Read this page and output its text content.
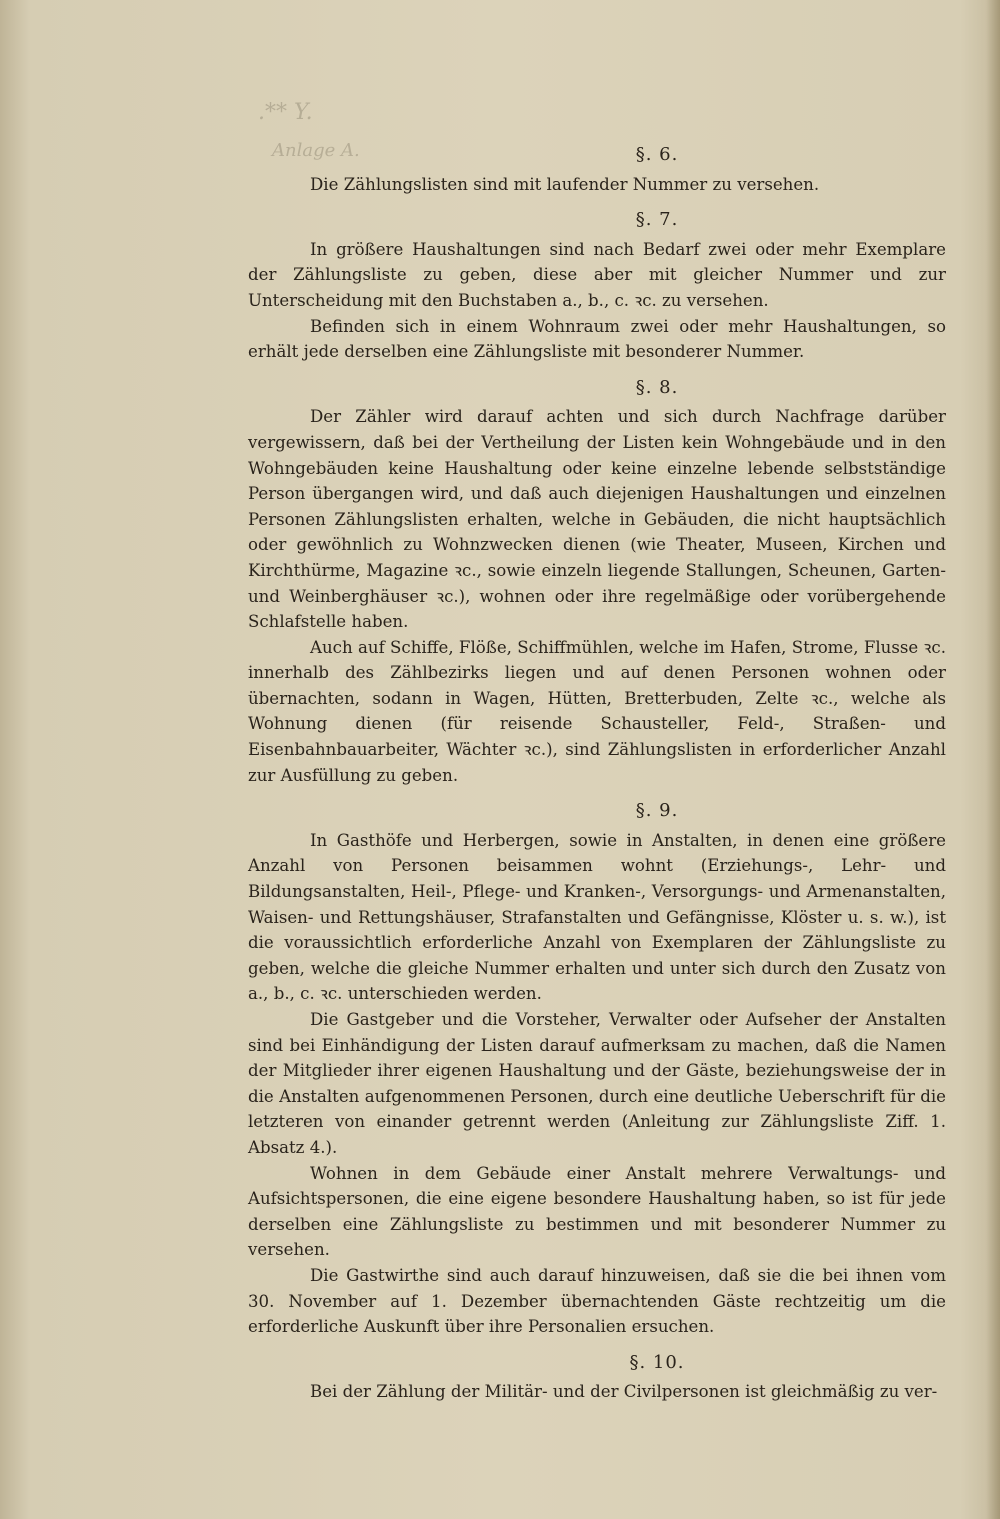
.** Y.
Anlage A.	§. 6.

Die Zählungslisten sind mit laufender Nummer zu versehen.

§. 7.

In größere Haushaltungen sind nach Bedarf zwei oder mehr Exemplare der Zählungsliste zu geben, diese aber mit gleicher Nummer und zur Unterscheidung mit den Buchstaben a., b., c. ꝛc. zu versehen.

Befinden sich in einem Wohnraum zwei oder mehr Haushaltungen, so erhält jede derselben eine Zählungsliste mit besonderer Nummer.

§. 8.

Der Zähler wird darauf achten und sich durch Nachfrage darüber vergewissern, daß bei der Vertheilung der Listen kein Wohngebäude und in den Wohngebäuden keine Haushaltung oder keine einzelne lebende selbstständige Person übergangen wird, und daß auch diejenigen Haushaltungen und einzelnen Personen Zählungslisten erhalten, welche in Gebäuden, die nicht hauptsächlich oder gewöhnlich zu Wohnzwecken dienen (wie Theater, Museen, Kirchen und Kirchthürme, Magazine ꝛc., sowie einzeln liegende Stallungen, Scheunen, Garten- und Weinberghäuser ꝛc.), wohnen oder ihre regelmäßige oder vorübergehende Schlafstelle haben.

Auch auf Schiffe, Flöße, Schiffmühlen, welche im Hafen, Strome, Flusse ꝛc. innerhalb des Zählbezirks liegen und auf denen Personen wohnen oder übernachten, sodann in Wagen, Hütten, Bretterbuden, Zelte ꝛc., welche als Wohnung dienen (für reisende Schausteller, Feld-, Straßen- und Eisenbahnbauarbeiter, Wächter ꝛc.), sind Zählungslisten in erforderlicher Anzahl zur Ausfüllung zu geben.

§. 9.

In Gasthöfe und Herbergen, sowie in Anstalten, in denen eine größere Anzahl von Personen beisammen wohnt (Erziehungs-, Lehr- und Bildungsanstalten, Heil-, Pflege- und Kranken-, Versorgungs- und Armenanstalten, Waisen- und Rettungshäuser, Strafanstalten und Gefängnisse, Klöster u. s. w.), ist die voraussichtlich erforderliche Anzahl von Exemplaren der Zählungsliste zu geben, welche die gleiche Nummer erhalten und unter sich durch den Zusatz von a., b., c. ꝛc. unterschieden werden.

Die Gastgeber und die Vorsteher, Verwalter oder Aufseher der Anstalten sind bei Einhändigung der Listen darauf aufmerksam zu machen, daß die Namen der Mitglieder ihrer eigenen Haushaltung und der Gäste, beziehungsweise der in die Anstalten aufgenommenen Personen, durch eine deutliche Ueberschrift für die letzteren von einander getrennt werden (Anleitung zur Zählungsliste Ziff. 1. Absatz 4.).

Wohnen in dem Gebäude einer Anstalt mehrere Verwaltungs- und Aufsichtspersonen, die eine eigene besondere Haushaltung haben, so ist für jede derselben eine Zählungsliste zu bestimmen und mit besonderer Nummer zu versehen.

Die Gastwirthe sind auch darauf hinzuweisen, daß sie die bei ihnen vom 30. November auf 1. Dezember übernachtenden Gäste rechtzeitig um die erforderliche Auskunft über ihre Personalien ersuchen.

§. 10.

Bei der Zählung der Militär- und der Civilpersonen ist gleichmäßig zu ver-
